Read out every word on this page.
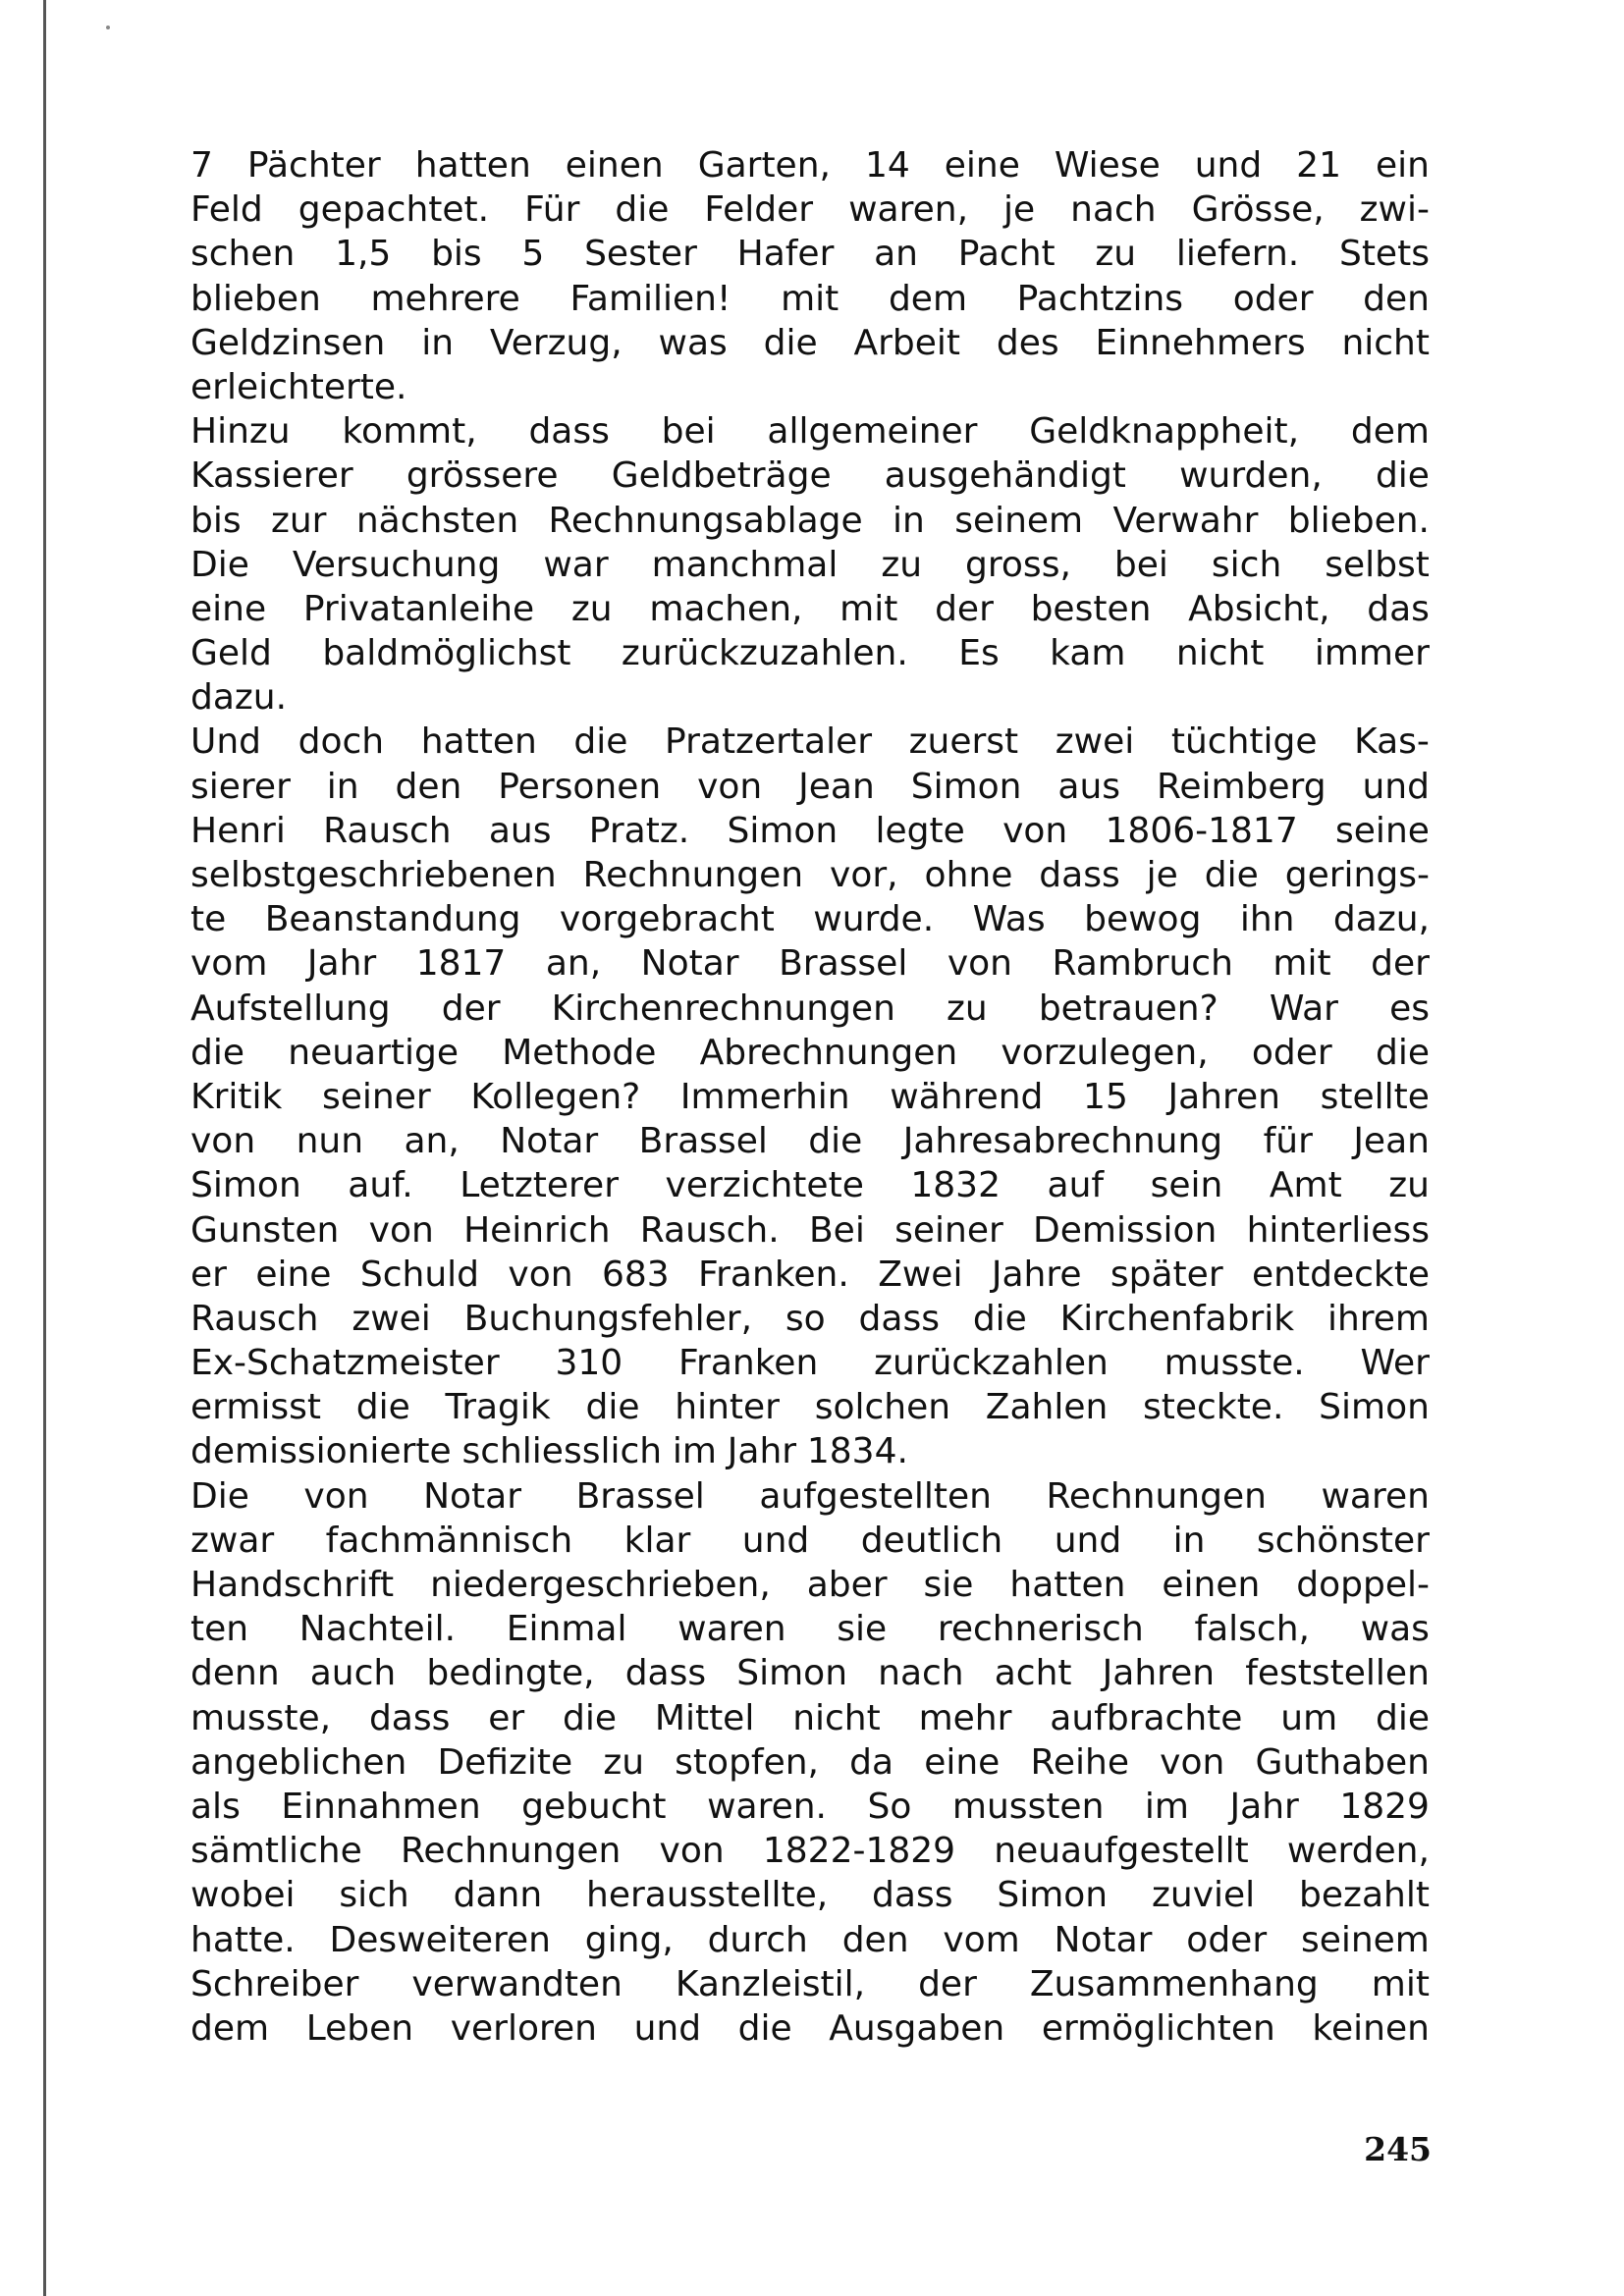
7 Pächter hatten einen Garten, 14 eine Wiese und 21 ein
Feld gepachtet. Für die Felder waren, je nach Grösse, zwi-
schen 1,5 bis 5 Sester Hafer an Pacht zu liefern. Stets
blieben mehrere Familien! mit dem Pachtzins oder den
Geldzinsen in Verzug, was die Arbeit des Einnehmers nicht
erleichterte.
Hinzu kommt, dass bei allgemeiner Geldknappheit, dem
Kassierer grössere Geldbeträge ausgehändigt wurden, die
bis zur nächsten Rechnungsablage in seinem Verwahr blieben.
Die Versuchung war manchmal zu gross, bei sich selbst
eine Privatanleihe zu machen, mit der besten Absicht, das
Geld baldmöglichst zurückzuzahlen. Es kam nicht immer
dazu.
Und doch hatten die Pratzertaler zuerst zwei tüchtige Kas-
sierer in den Personen von Jean Simon aus Reimberg und
Henri Rausch aus Pratz. Simon legte von 1806-1817 seine
selbstgeschriebenen Rechnungen vor, ohne dass je die gerings-
te Beanstandung vorgebracht wurde. Was bewog ihn dazu,
vom Jahr 1817 an, Notar Brassel von Rambruch mit der
Aufstellung der Kirchenrechnungen zu betrauen? War es
die neuartige Methode Abrechnungen vorzulegen, oder die
Kritik seiner Kollegen? Immerhin während 15 Jahren stellte
von nun an, Notar Brassel die Jahresabrechnung für Jean
Simon auf. Letzterer verzichtete 1832 auf sein Amt zu
Gunsten von Heinrich Rausch. Bei seiner Demission hinterliess
er eine Schuld von 683 Franken. Zwei Jahre später entdeckte
Rausch zwei Buchungsfehler, so dass die Kirchenfabrik ihrem
Ex-Schatzmeister 310 Franken zurückzahlen musste. Wer
ermisst die Tragik die hinter solchen Zahlen steckte. Simon
demissionierte schliesslich im Jahr 1834.
Die von Notar Brassel aufgestellten Rechnungen waren
zwar fachmännisch klar und deutlich und in schönster
Handschrift niedergeschrieben, aber sie hatten einen doppel-
ten Nachteil. Einmal waren sie rechnerisch falsch, was
denn auch bedingte, dass Simon nach acht Jahren feststellen
musste, dass er die Mittel nicht mehr aufbrachte um die
angeblichen Defizite zu stopfen, da eine Reihe von Guthaben
als Einnahmen gebucht waren. So mussten im Jahr 1829
sämtliche Rechnungen von 1822-1829 neuaufgestellt werden,
wobei sich dann herausstellte, dass Simon zuviel bezahlt
hatte. Desweiteren ging, durch den vom Notar oder seinem
Schreiber verwandten Kanzleistil, der Zusammenhang mit
dem Leben verloren und die Ausgaben ermöglichten keinen
245
